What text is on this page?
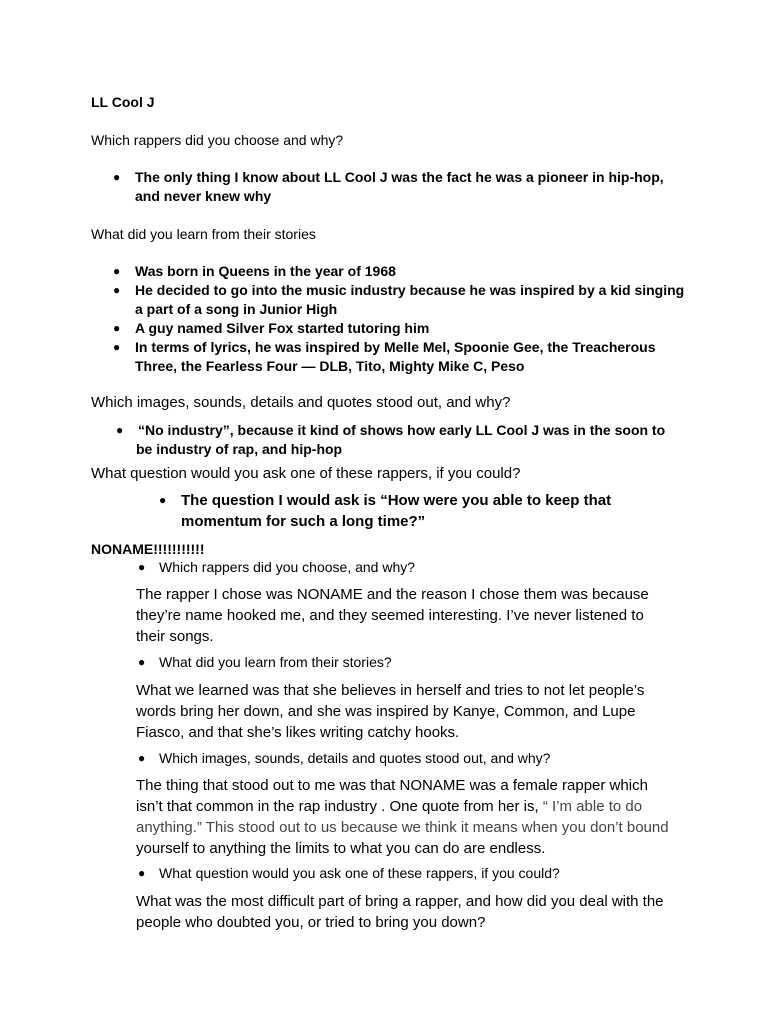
LL Cool J

Which rappers did you choose and why?

● The only thing I know about LL Cool J was the fact he was a pioneer in hip-hop,

and never knew why

What did you learn from their stories

● Was born in Queens in the year of 1968

● He decided to go into the music industry because he was inspired by a kid singing

a part of a song in Junior High

● A guy named Silver Fox started tutoring him

● In terms of lyrics, he was inspired by Melle Mel, Spoonie Gee, the Treacherous

Three, the Fearless Four — DLB, Tito, Mighty Mike C, Peso

Which images, sounds, details and quotes stood out, and why?

● “No industry”, because it kind of shows how early LL Cool J was in the soon to

be industry of rap, and hip-hop

What question would you ask one of these rappers, if you could?

● The question I would ask is “How were you able to keep that

momentum for such a long time?”

NONAME!!!!!!!!!!!

● Which rappers did you choose, and why?

The rapper I chose was NONAME and the reason I chose them was because

they’re name hooked me, and they seemed interesting. I’ve never listened to

their songs.

● What did you learn from their stories?

What we learned was that she believes in herself and tries to not let people’s

words bring her down, and she was inspired by Kanye, Common, and Lupe

Fiasco, and that she’s likes writing catchy hooks.

● Which images, sounds, details and quotes stood out, and why?

The thing that stood out to me was that NONAME was a female rapper which

isn’t that common in the rap industry . One quote from her is, “ I’m able to do

anything.” This stood out to us because we think it means when you don’t bound

yourself to anything the limits to what you can do are endless.

● What question would you ask one of these rappers, if you could?

What was the most difficult part of bring a rapper, and how did you deal with the

people who doubted you, or tried to bring you down?
